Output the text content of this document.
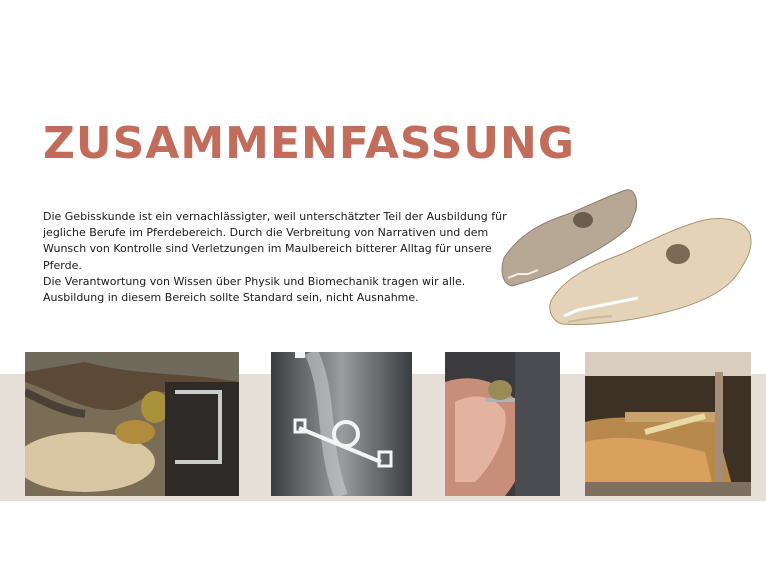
ZUSAMMENFASSUNG

Die Gebisskunde ist ein vernachlässigter, weil unterschätzter Teil der Ausbildung für jegliche Berufe im Pferdebereich. Durch die Verbreitung von Narrativen und dem Wunsch von Kontrolle sind Verletzungen im Maulbereich bitterer Alltag für unsere Pferde.

Die Verantwortung von Wissen über Physik und Biomechanik tragen wir alle. Ausbildung in diesem Bereich sollte Standard sein, nicht Ausnahme.
